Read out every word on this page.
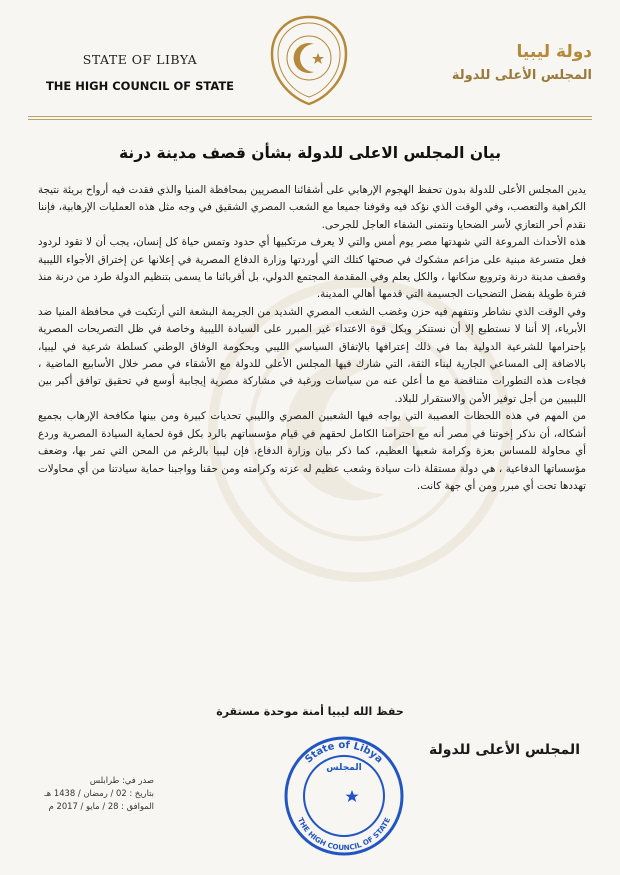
STATE OF LIBYA
THE HIGH COUNCIL OF STATE
دولة ليبيا
المجلس الأعلى للدولة
بيان المجلس الاعلى للدولة بشأن قصف مدينة درنة

يدين المجلس الأعلى للدولة بدون تحفظ الهجوم الإرهابي على أشقائنا المصريين بمحافظة المنيا والذي فقدت فيه أرواح بريئة نتيجة الكراهية والتعصب، وفي الوقت الذي نؤكد فيه وقوفنا جميعا مع الشعب المصري الشقيق في وجه مثل هذه العمليات الإرهابية، فإننا نقدم أحر التعازي لأسر الضحايا ونتمنى الشفاء العاجل للجرحى.

هذه الأحداث المروعة التي شهدتها مصر يوم أمس والتي لا يعرف مرتكبيها أي حدود وتمس حياة كل إنسان، يجب أن لا تقود لردود فعل متسرعة مبنية على مزاعم مشكوك في صحتها كتلك التي أوردتها وزارة الدفاع المصرية في إعلانها عن إختراق الأجواء الليبية وقصف مدينة درنة وترويع سكانها ، والكل يعلم وفي المقدمة المجتمع الدولي، بل أقربائنا ما يسمى بتنظيم الدولة طرد من درنة منذ فترة طويلة بفضل التضحيات الجسيمة التي قدمها أهالي المدينة.

وفي الوقت الذي نشاطر ونتفهم فيه حزن وغضب الشعب المصري الشديد من الجريمة البشعة التي أرتكبت في محافظة المنيا ضد الأبرياء، إلا أننا لا نستطيع إلا أن نستنكر وبكل قوة الاعتداء غير المبرر على السيادة الليبية وخاصة في ظل التصريحات المصرية بإحترامها للشرعية الدولية بما في ذلك إعترافها بالإتفاق السياسي الليبي وبحكومة الوفاق الوطني كسلطة شرعية في ليبيا، بالاضافة إلى المساعي الجارية لبناء الثقة، التي شارك فيها المجلس الأعلى للدولة مع الأشقاء في مصر خلال الأسابيع الماضية ، فجاءت هذه التطورات متناقضة مع ما أعلن عنه من سياسات ورغبة في مشاركة مصرية إيجابية أوسع في تحقيق توافق أكبر بين الليبيين من أجل توفير الأمن والاستقرار للبلاد.

من المهم في هذه اللحظات العصيبة التي يواجه فيها الشعبين المصري والليبي تحديات كبيرة ومن بينها مكافحة الإرهاب بجميع أشكاله، أن نذكر إخوتنا في مصر أنه مع احترامنا الكامل لحقهم في قيام مؤسساتهم بالرد بكل قوة لحماية السيادة المصرية وردع أي محاولة للمساس بعزة وكرامة شعبها العظيم، كما ذكر بيان وزارة الدفاع، فإن ليبيا بالرغم من المحن التي تمر بها، وضعف مؤسساتها الدفاعية ، هي دولة مستقلة ذات سيادة وشعب عظيم له عزته وكرامته ومن حقنا وواجبنا حماية سيادتنا من أي محاولات تهددها تحت أي مبرر ومن أي جهة كانت.

حفظ الله ليبيا أمنة موحدة مستقرة
المجلس الأعلى للدولة
صدر في: طرابلس
بتاريخ : 02 / رمضان / 1438 هـ
الموافق : 28 / مايو / 2017 م
State of Libya
THE HIGH COUNCIL OF STATE
المجلس
